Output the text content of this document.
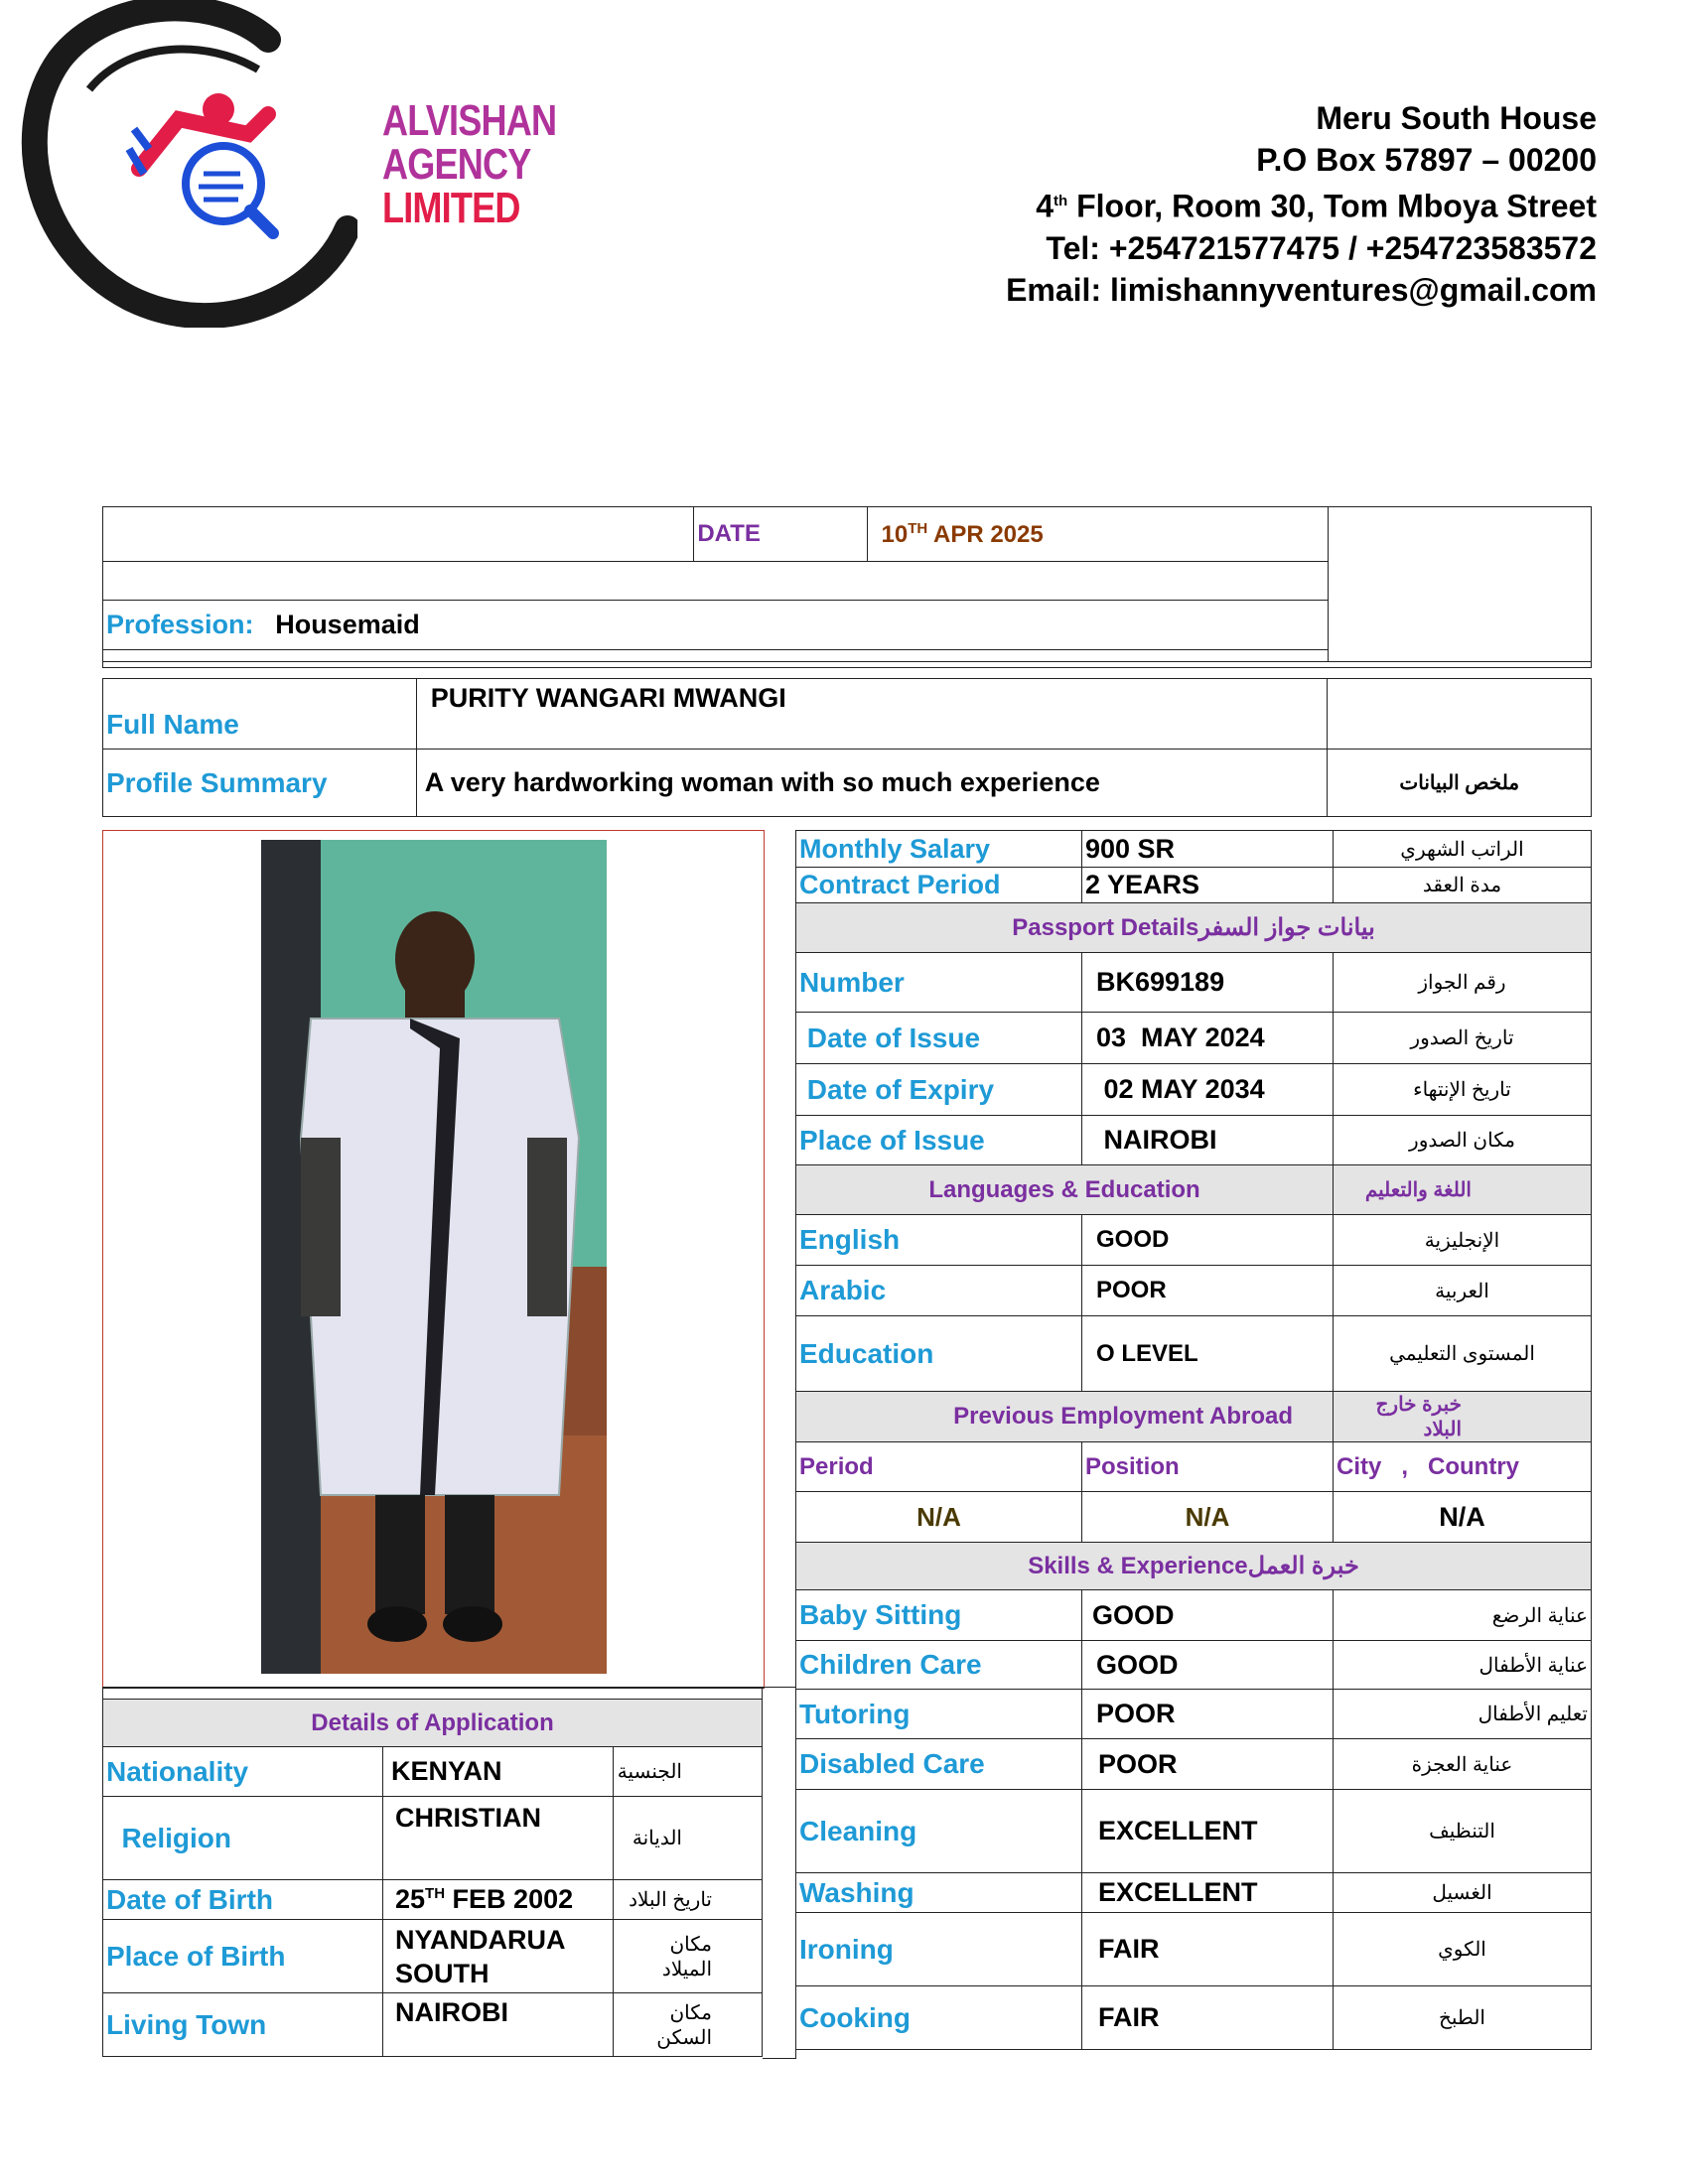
ALVISHAN
AGENCY
LIMITED
Meru South House
P.O Box 57897 – 00200
4th Floor, Room 30, Tom Mboya Street
Tel: +254721577475 / +254723583572
Email: limishannyventures@gmail.com
	DATE	10TH APR 2025	

Profession: Housemaid

Full Name	PURITY WANGARI MWANGI	
Profile Summary	A very hardworking woman with so much experience	ملخص البيانات

Details of Application		
Nationality	KENYAN	الجنسية
Religion	CHRISTIAN	الديانة
Date of Birth	25TH FEB 2002	تاريخ البلاد
Place of Birth	NYANDARUA SOUTH	مكان الميلاد
Living Town	NAIROBI	مكان السكن
Monthly Salary	900 SR	الراتب الشهري
Contract Period	2 YEARS	مدة العقد
Passport Detailsبيانات جواز السفر		
Number	BK699189	رقم الجواز
Date of Issue	03  MAY 2024	تاريخ الصدور
Date of Expiry	02 MAY 2034	تاريخ الإنتهاء
Place of Issue	NAIROBI	مكان الصدور
Languages & Education		اللغة والتعليم
English	GOOD	الإنجليزية
Arabic	POOR	العربية
Education	O LEVEL	المستوى التعليمي
Previous Employment Abroad		خبرة خارج البلاد
Period	Position	City   ,   Country
N/A	N/A	N/A
Skills & Experienceخبرة العمل		
Baby Sitting	GOOD	عناية الرضع
Children Care	GOOD	عناية الأطفال
Tutoring	POOR	تعليم الأطفال
Disabled Care	POOR	عناية العجزة
Cleaning	EXCELLENT	التنظيف
Washing	EXCELLENT	الغسيل
Ironing	FAIR	الكوي
Cooking	FAIR	الطبخ
